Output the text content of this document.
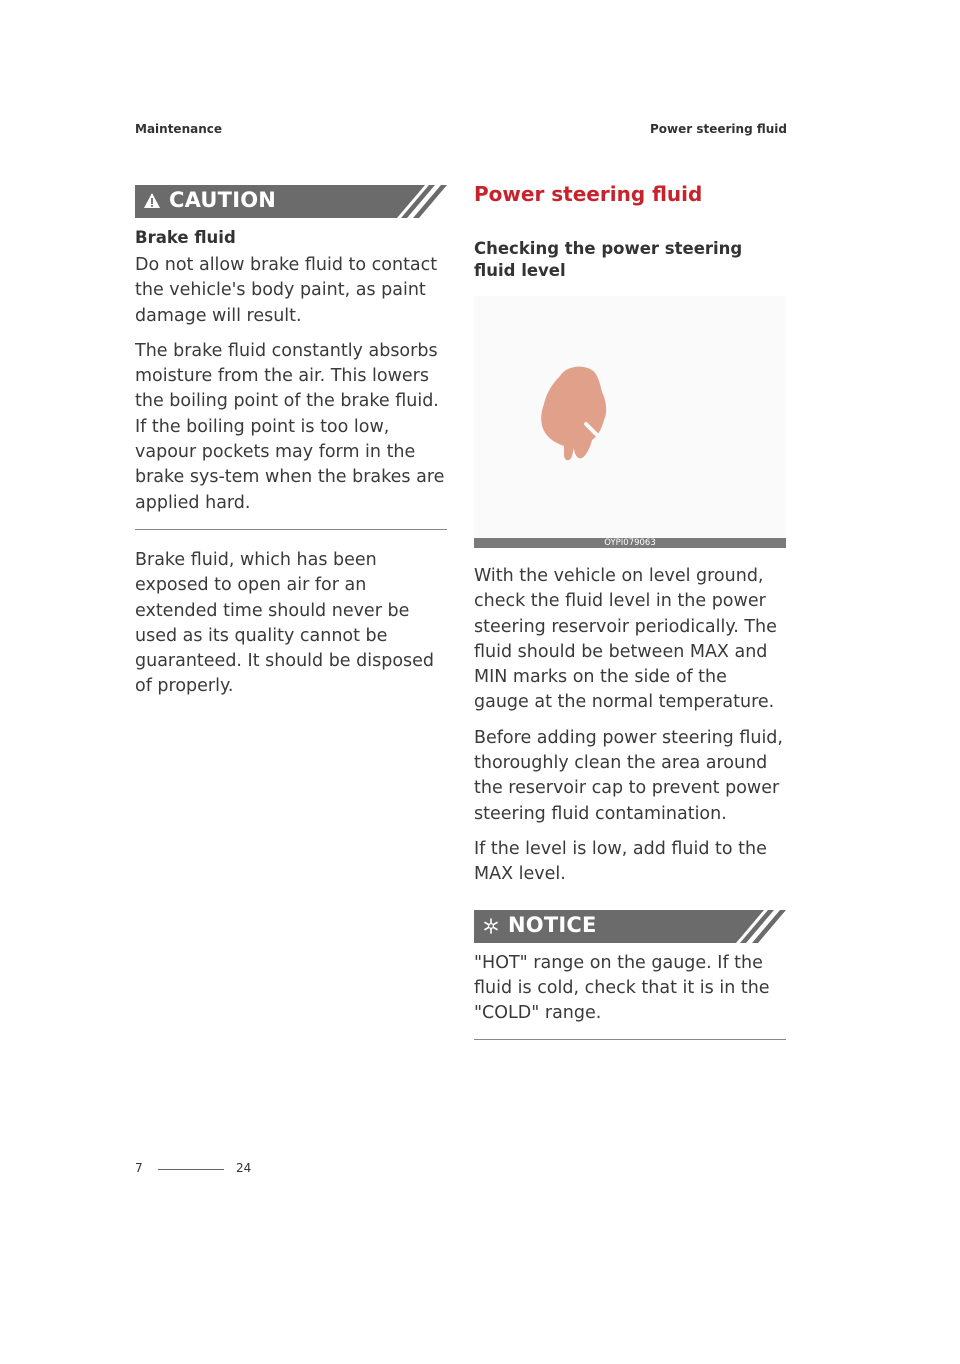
Maintenance	Power steering fluid
CAUTION
Brake fluid

Do not allow brake fluid to contact the vehicle's body paint, as paint damage will result.

The brake fluid constantly absorbs moisture from the air. This lowers the boiling point of the brake fluid. If the boiling point is too low, vapour pockets may form in the brake sys-tem when the brakes are applied hard.

Brake fluid, which has been exposed to open air for an extended time should never be used as its quality cannot be guaranteed. It should be disposed of properly.

Power steering fluid
Checking the power steering fluid level
OYPI079063

With the vehicle on level ground, check the fluid level in the power steering reservoir periodically. The fluid should be between MAX and MIN marks on the side of the gauge at the normal temperature.

Before adding power steering fluid, thoroughly clean the area around the reservoir cap to prevent power steering fluid contamination.

If the level is low, add fluid to the MAX level.

NOTICE

"HOT" range on the gauge. If the fluid is cold, check that it is in the "COLD" range.

7	24
